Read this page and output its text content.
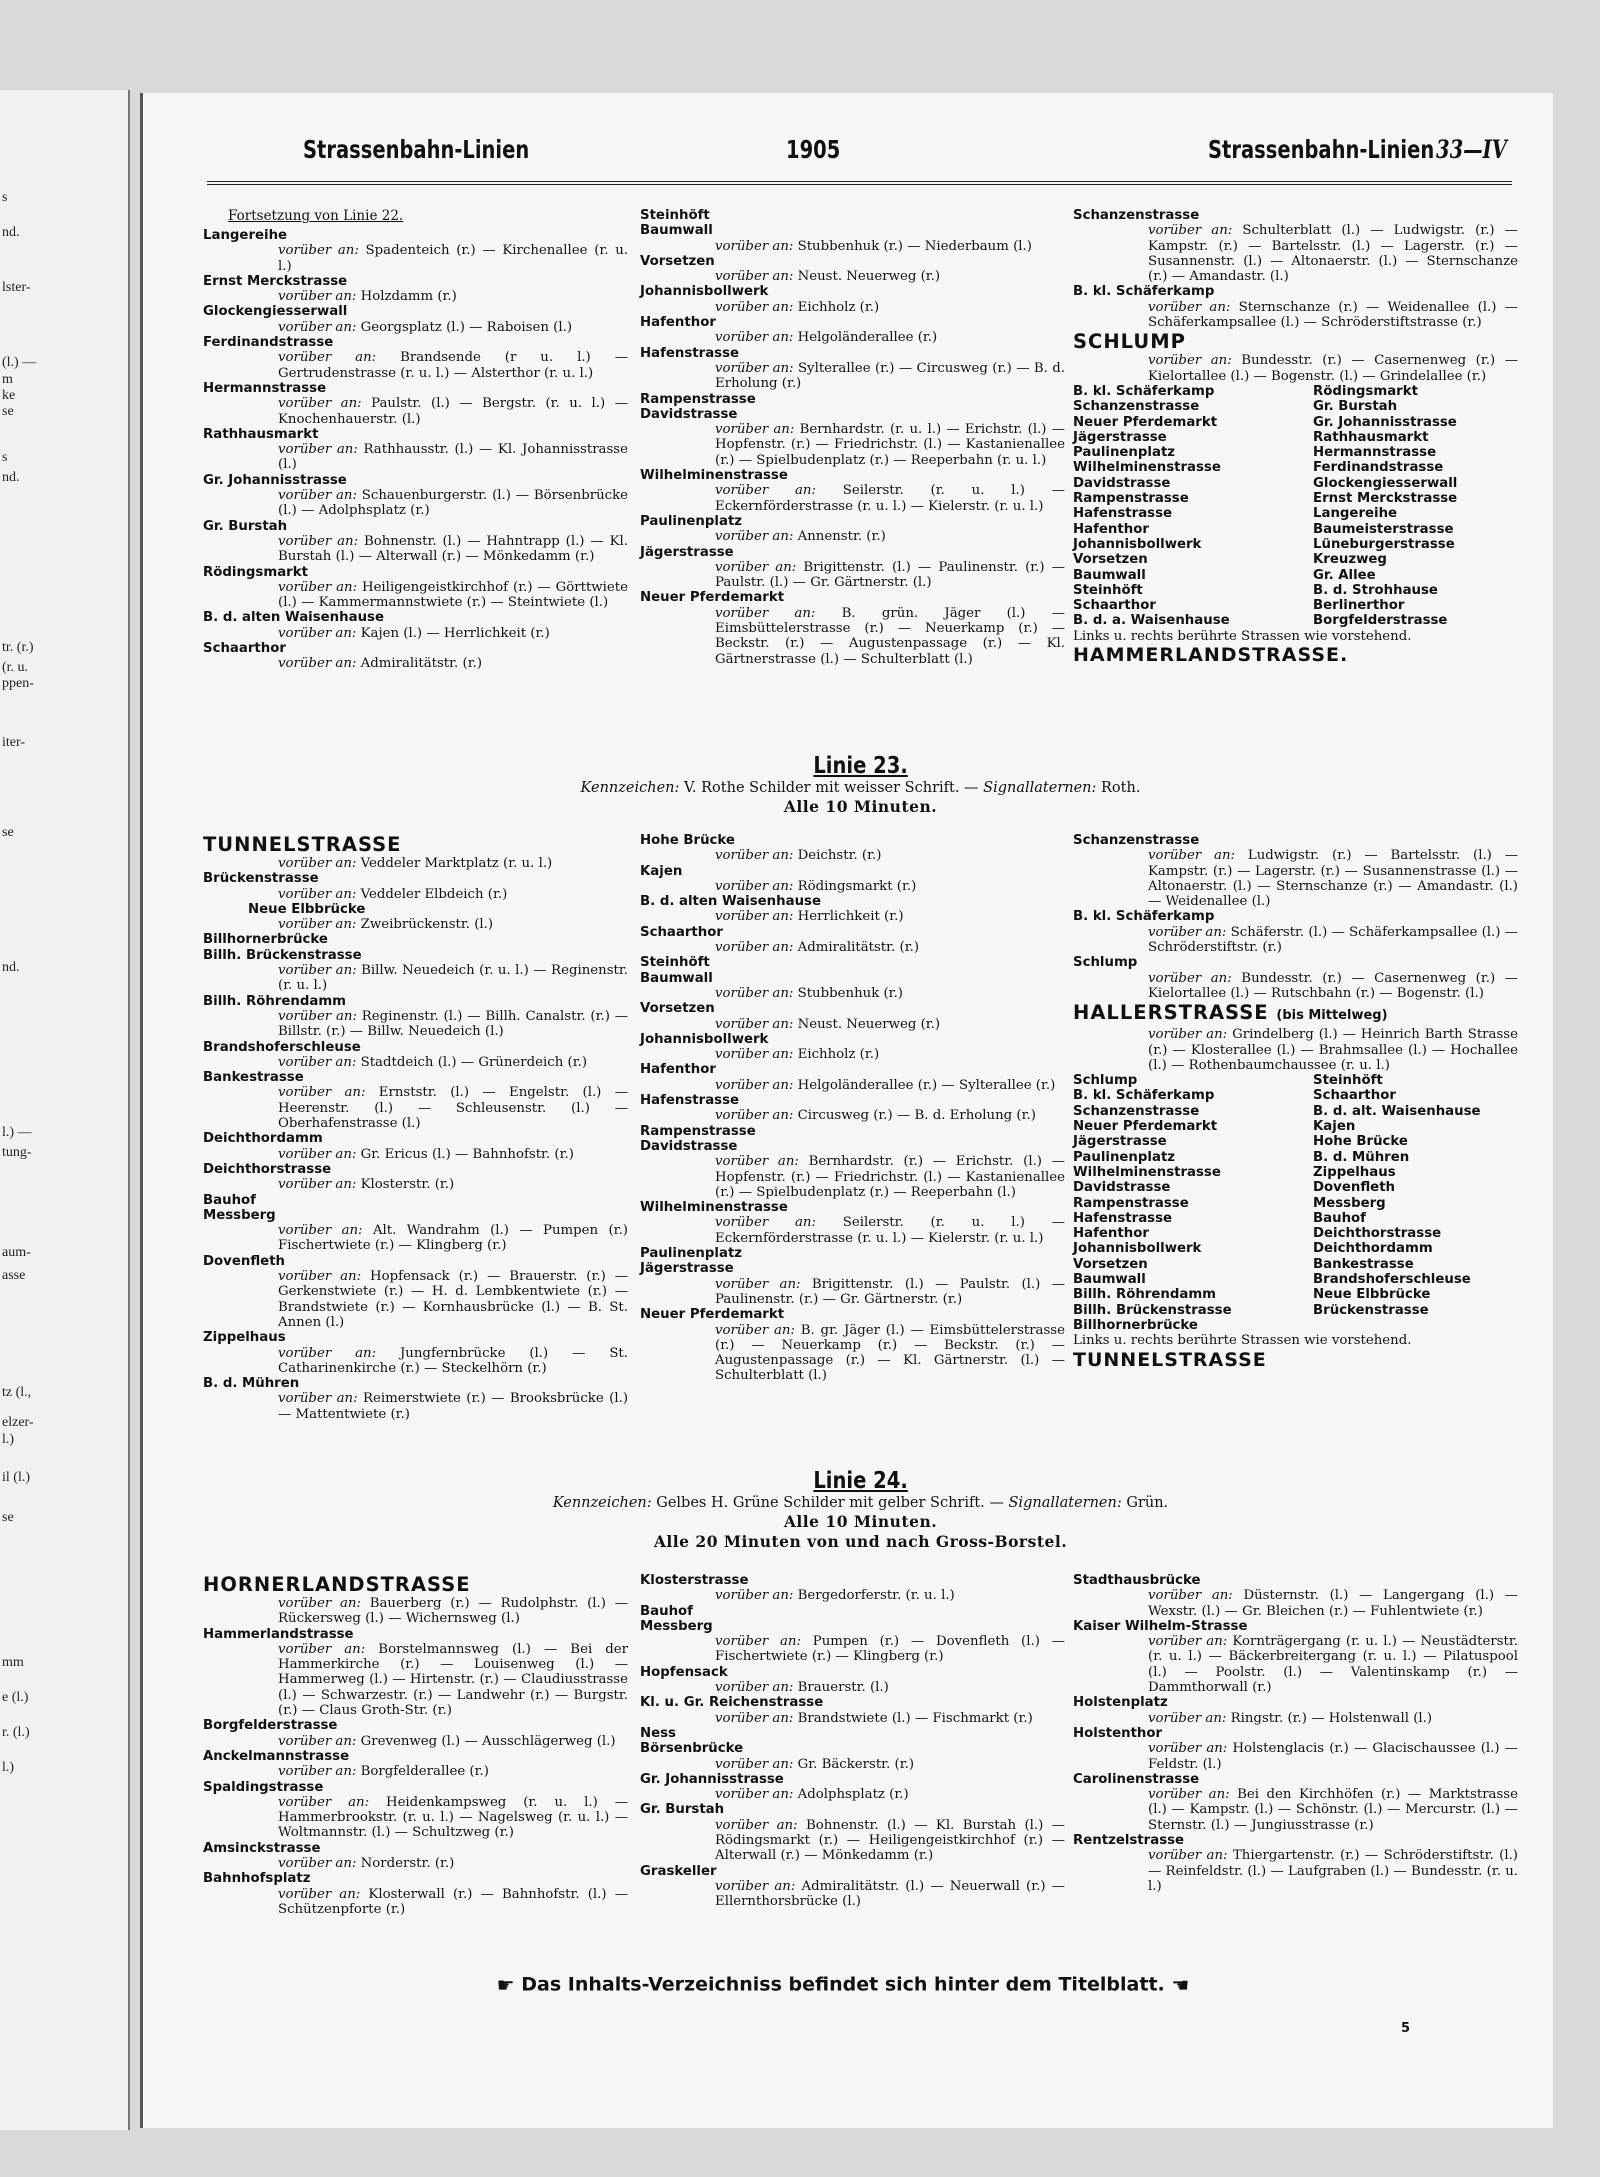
s
nd.
lster-
(l.) —
m
ke
se
s
nd.
tr. (r.)
(r. u.
ppen-
iter-
se
nd.
l.) —
tung-
aum-
asse
tz (l.,
elzer-
l.)
il (l.)
se
mm
e (l.)
r. (l.)
l.)
Strassenbahn-Linien	1905	Strassenbahn-Linien 33—IV
Fortsetzung von Linie 22.
Langereihe
vorüber an: Spadenteich (r.) — Kirchenallee (r. u. l.)
Ernst Merckstrasse
vorüber an: Holzdamm (r.)
Glockengiesserwall
vorüber an: Georgsplatz (l.) — Raboisen (l.)
Ferdinandstrasse
vorüber an: Brandsende (r u. l.) — Gertrudenstrasse (r. u. l.) — Alsterthor (r. u. l.)
Hermannstrasse
vorüber an: Paulstr. (l.) — Bergstr. (r. u. l.) — Knochenhauerstr. (l.)
Rathhausmarkt
vorüber an: Rathhausstr. (l.) — Kl. Johannisstrasse (l.)
Gr. Johannisstrasse
vorüber an: Schauenburgerstr. (l.) — Börsenbrücke (l.) — Adolphsplatz (r.)
Gr. Burstah
vorüber an: Bohnenstr. (l.) — Hahntrapp (l.) — Kl. Burstah (l.) — Alterwall (r.) — Mönkedamm (r.)
Rödingsmarkt
vorüber an: Heiligengeistkirchhof (r.) — Görttwiete (l.) — Kammermannstwiete (r.) — Steintwiete (l.)
B. d. alten Waisenhause
vorüber an: Kajen (l.) — Herrlichkeit (r.)
Schaarthor
vorüber an: Admiralitätstr. (r.)
Steinhöft
Baumwall
vorüber an: Stubbenhuk (r.) — Niederbaum (l.)
Vorsetzen
vorüber an: Neust. Neuerweg (r.)
Johannisbollwerk
vorüber an: Eichholz (r.)
Hafenthor
vorüber an: Helgoländerallee (r.)
Hafenstrasse
vorüber an: Sylterallee (r.) — Circusweg (r.) — B. d. Erholung (r.)
Rampenstrasse
Davidstrasse
vorüber an: Bernhardstr. (r. u. l.) — Erichstr. (l.) — Hopfenstr. (r.) — Friedrichstr. (l.) — Kastanienallee (r.) — Spielbudenplatz (r.) — Reeperbahn (r. u. l.)
Wilhelminenstrasse
vorüber an: Seilerstr. (r. u. l.) — Eckernförderstrasse (r. u. l.) — Kielerstr. (r. u. l.)
Paulinenplatz
vorüber an: Annenstr. (r.)
Jägerstrasse
vorüber an: Brigittenstr. (l.) — Paulinenstr. (r.) — Paulstr. (l.) — Gr. Gärtnerstr. (l.)
Neuer Pferdemarkt
vorüber an: B. grün. Jäger (l.) — Eimsbüttelerstrasse (r.) — Neuerkamp (r.) — Beckstr. (r.) — Augustenpassage (r.) — Kl. Gärtnerstrasse (l.) — Schulterblatt (l.)
Schanzenstrasse
vorüber an: Schulterblatt (l.) — Ludwigstr. (r.) — Kampstr. (r.) — Bartelsstr. (l.) — Lagerstr. (r.) — Susannenstr. (l.) — Altonaerstr. (l.) — Sternschanze (r.) — Amandastr. (l.)
B. kl. Schäferkamp
vorüber an: Sternschanze (r.) — Weidenallee (l.) — Schäferkampsallee (l.) — Schröderstiftstrasse (r.)
SCHLUMP
vorüber an: Bundesstr. (r.) — Casernenweg (r.) — Kielortallee (l.) — Bogenstr. (l.) — Grindelallee (r.)
B. kl. Schäferkamp	Rödingsmarkt
Schanzenstrasse	Gr. Burstah
Neuer Pferdemarkt	Gr. Johannisstrasse
Jägerstrasse	Rathhausmarkt
Paulinenplatz	Hermannstrasse
Wilhelminenstrasse	Ferdinandstrasse
Davidstrasse	Glockengiesserwall
Rampenstrasse	Ernst Merckstrasse
Hafenstrasse	Langereihe
Hafenthor	Baumeisterstrasse
Johannisbollwerk	Lüneburgerstrasse
Vorsetzen	Kreuzweg
Baumwall	Gr. Allee
Steinhöft	B. d. Strohhause
Schaarthor	Berlinerthor
B. d. a. Waisenhause	Borgfelderstrasse
Links u. rechts berührte Strassen wie vorstehend.
HAMMERLANDSTRASSE.
Linie 23.
Kennzeichen: V. Rothe Schilder mit weisser Schrift. — Signallaternen: Roth.
Alle 10 Minuten.
TUNNELSTRASSE
vorüber an: Veddeler Marktplatz (r. u. l.)
Brückenstrasse
vorüber an: Veddeler Elbdeich (r.)
Neue Elbbrücke
vorüber an: Zweibrückenstr. (l.)
Billhornerbrücke
Billh. Brückenstrasse
vorüber an: Billw. Neuedeich (r. u. l.) — Reginenstr. (r. u. l.)
Billh. Röhrendamm
vorüber an: Reginenstr. (l.) — Billh. Canalstr. (r.) — Billstr. (r.) — Billw. Neuedeich (l.)
Brandshoferschleuse
vorüber an: Stadtdeich (l.) — Grünerdeich (r.)
Bankestrasse
vorüber an: Ernststr. (l.) — Engelstr. (l.) — Heerenstr. (l.) — Schleusenstr. (l.) — Oberhafenstrasse (l.)
Deichthordamm
vorüber an: Gr. Ericus (l.) — Bahnhofstr. (r.)
Deichthorstrasse
vorüber an: Klosterstr. (r.)
Bauhof
Messberg
vorüber an: Alt. Wandrahm (l.) — Pumpen (r.) Fischertwiete (r.) — Klingberg (r.)
Dovenfleth
vorüber an: Hopfensack (r.) — Brauerstr. (r.) — Gerkenstwiete (r.) — H. d. Lembkentwiete (r.) — Brandstwiete (r.) — Kornhausbrücke (l.) — B. St. Annen (l.)
Zippelhaus
vorüber an: Jungfernbrücke (l.) — St. Catharinenkirche (r.) — Steckelhörn (r.)
B. d. Mühren
vorüber an: Reimerstwiete (r.) — Brooksbrücke (l.) — Mattentwiete (r.)
Hohe Brücke
vorüber an: Deichstr. (r.)
Kajen
vorüber an: Rödingsmarkt (r.)
B. d. alten Waisenhause
vorüber an: Herrlichkeit (r.)
Schaarthor
vorüber an: Admiralitätstr. (r.)
Steinhöft
Baumwall
vorüber an: Stubbenhuk (r.)
Vorsetzen
vorüber an: Neust. Neuerweg (r.)
Johannisbollwerk
vorüber an: Eichholz (r.)
Hafenthor
vorüber an: Helgoländerallee (r.) — Sylterallee (r.)
Hafenstrasse
vorüber an: Circusweg (r.) — B. d. Erholung (r.)
Rampenstrasse
Davidstrasse
vorüber an: Bernhardstr. (r.) — Erichstr. (l.) — Hopfenstr. (r.) — Friedrichstr. (l.) — Kastanienallee (r.) — Spielbudenplatz (r.) — Reeperbahn (l.)
Wilhelminenstrasse
vorüber an: Seilerstr. (r. u. l.) — Eckernförderstrasse (r. u. l.) — Kielerstr. (r. u. l.)
Paulinenplatz
Jägerstrasse
vorüber an: Brigittenstr. (l.) — Paulstr. (l.) — Paulinenstr. (r.) — Gr. Gärtnerstr. (r.)
Neuer Pferdemarkt
vorüber an: B. gr. Jäger (l.) — Eimsbüttelerstrasse (r.) — Neuerkamp (r.) — Beckstr. (r.) — Augustenpassage (r.) — Kl. Gärtnerstr. (l.) — Schulterblatt (l.)
Schanzenstrasse
vorüber an: Ludwigstr. (r.) — Bartelsstr. (l.) — Kampstr. (r.) — Lagerstr. (r.) — Susannenstrasse (l.) — Altonaerstr. (l.) — Sternschanze (r.) — Amandastr. (l.) — Weidenallee (l.)
B. kl. Schäferkamp
vorüber an: Schäferstr. (l.) — Schäferkampsallee (l.) — Schröderstiftstr. (r.)
Schlump
vorüber an: Bundesstr. (r.) — Casernenweg (r.) — Kielortallee (l.) — Rutschbahn (r.) — Bogenstr. (l.)
HALLERSTRASSE (bis Mittelweg)
vorüber an: Grindelberg (l.) — Heinrich Barth Strasse (r.) — Klosterallee (l.) — Brahmsallee (l.) — Hochallee (l.) — Rothenbaumchaussee (r. u. l.)
Schlump	Steinhöft
B. kl. Schäferkamp	Schaarthor
Schanzenstrasse	B. d. alt. Waisenhause
Neuer Pferdemarkt	Kajen
Jägerstrasse	Hohe Brücke
Paulinenplatz	B. d. Mühren
Wilhelminenstrasse	Zippelhaus
Davidstrasse	Dovenfleth
Rampenstrasse	Messberg
Hafenstrasse	Bauhof
Hafenthor	Deichthorstrasse
Johannisbollwerk	Deichthordamm
Vorsetzen	Bankestrasse
Baumwall	Brandshoferschleuse
Billh. Röhrendamm	Neue Elbbrücke
Billh. Brückenstrasse	Brückenstrasse
Billhornerbrücke
Links u. rechts berührte Strassen wie vorstehend.
TUNNELSTRASSE
Linie 24.
Kennzeichen: Gelbes H. Grüne Schilder mit gelber Schrift. — Signallaternen: Grün.
Alle 10 Minuten.
Alle 20 Minuten von und nach Gross-Borstel.
HORNERLANDSTRASSE
vorüber an: Bauerberg (r.) — Rudolphstr. (l.) — Rückersweg (l.) — Wichernsweg (l.)
Hammerlandstrasse
vorüber an: Borstelmannsweg (l.) — Bei der Hammerkirche (r.) — Louisenweg (l.) — Hammerweg (l.) — Hirtenstr. (r.) — Claudiusstrasse (l.) — Schwarzestr. (r.) — Landwehr (r.) — Burgstr. (r.) — Claus Groth-Str. (r.)
Borgfelderstrasse
vorüber an: Grevenweg (l.) — Ausschlägerweg (l.)
Anckelmannstrasse
vorüber an: Borgfelderallee (r.)
Spaldingstrasse
vorüber an: Heidenkampsweg (r. u. l.) — Hammerbrookstr. (r. u. l.) — Nagelsweg (r. u. l.) — Woltmannstr. (l.) — Schultzweg (r.)
Amsinckstrasse
vorüber an: Norderstr. (r.)
Bahnhofsplatz
vorüber an: Klosterwall (r.) — Bahnhofstr. (l.) — Schützenpforte (r.)
Klosterstrasse
vorüber an: Bergedorferstr. (r. u. l.)
Bauhof
Messberg
vorüber an: Pumpen (r.) — Dovenfleth (l.) — Fischertwiete (r.) — Klingberg (r.)
Hopfensack
vorüber an: Brauerstr. (l.)
Kl. u. Gr. Reichenstrasse
vorüber an: Brandstwiete (l.) — Fischmarkt (r.)
Ness
Börsenbrücke
vorüber an: Gr. Bäckerstr. (r.)
Gr. Johannisstrasse
vorüber an: Adolphsplatz (r.)
Gr. Burstah
vorüber an: Bohnenstr. (l.) — Kl. Burstah (l.) — Rödingsmarkt (r.) — Heiligengeistkirchhof (r.) — Alterwall (r.) — Mönkedamm (r.)
Graskeller
vorüber an: Admiralitätstr. (l.) — Neuerwall (r.) — Ellernthorsbrücke (l.)
Stadthausbrücke
vorüber an: Düsternstr. (l.) — Langergang (l.) — Wexstr. (l.) — Gr. Bleichen (r.) — Fuhlentwiete (r.)
Kaiser Wilhelm-Strasse
vorüber an: Kornträgergang (r. u. l.) — Neustädterstr. (r. u. l.) — Bäckerbreitergang (r. u. l.) — Pilatuspool (l.) — Poolstr. (l.) — Valentinskamp (r.) — Dammthorwall (r.)
Holstenplatz
vorüber an: Ringstr. (r.) — Holstenwall (l.)
Holstenthor
vorüber an: Holstenglacis (r.) — Glacischaussee (l.) — Feldstr. (l.)
Carolinenstrasse
vorüber an: Bei den Kirchhöfen (r.) — Marktstrasse (l.) — Kampstr. (l.) — Schönstr. (l.) — Mercurstr. (l.) — Sternstr. (l.) — Jungiusstrasse (r.)
Rentzelstrasse
vorüber an: Thiergartenstr. (r.) — Schröderstiftstr. (l.) — Reinfeldstr. (l.) — Laufgraben (l.) — Bundesstr. (r. u. l.)
☛ Das Inhalts-Verzeichniss befindet sich hinter dem Titelblatt. ☚
5
